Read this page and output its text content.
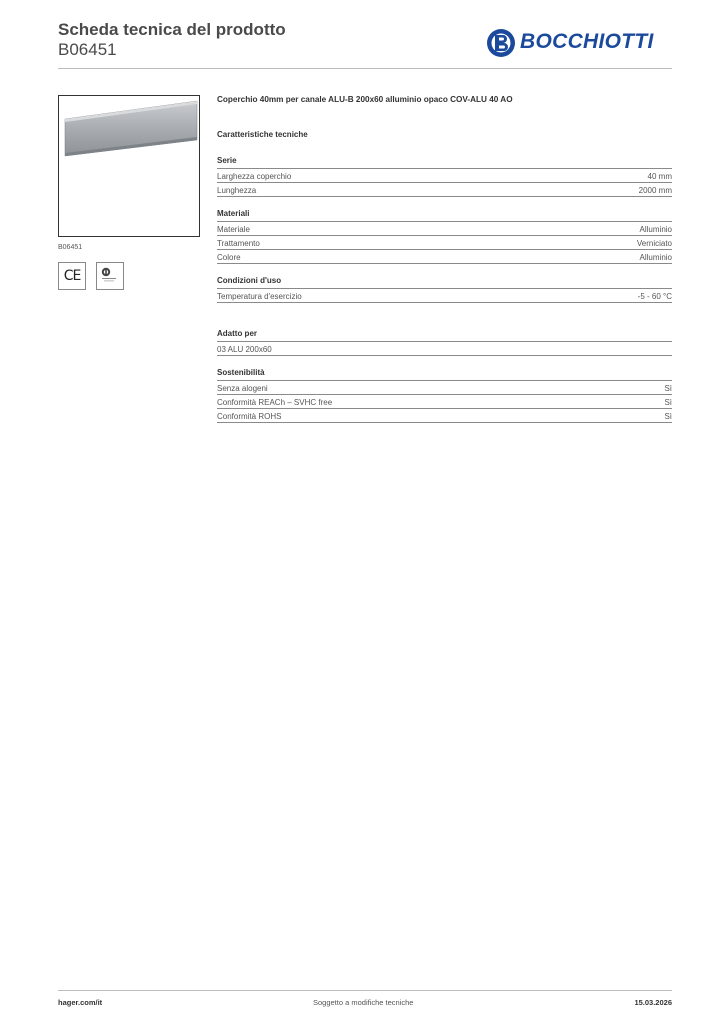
Scheda tecnica del prodotto
B06451	BOCCHIOTTI
B06451
CE
Coperchio 40mm per canale ALU-B 200x60 alluminio opaco COV-ALU 40 AO
Caratteristiche tecniche
Serie
Larghezza coperchio	40 mm
Lunghezza	2000 mm
Materiali
Materiale	Alluminio
Trattamento	Verniciato
Colore	Alluminio
Condizioni d'uso
Temperatura d'esercizio	-5 - 60 °C
Adatto per
03 ALU 200x60
Sostenibilità
Senza alogeni	Sì
Conformità REACh – SVHC free	Sì
Conformità ROHS	Sì
hager.com/it	Soggetto a modifiche tecniche	15.03.2026
